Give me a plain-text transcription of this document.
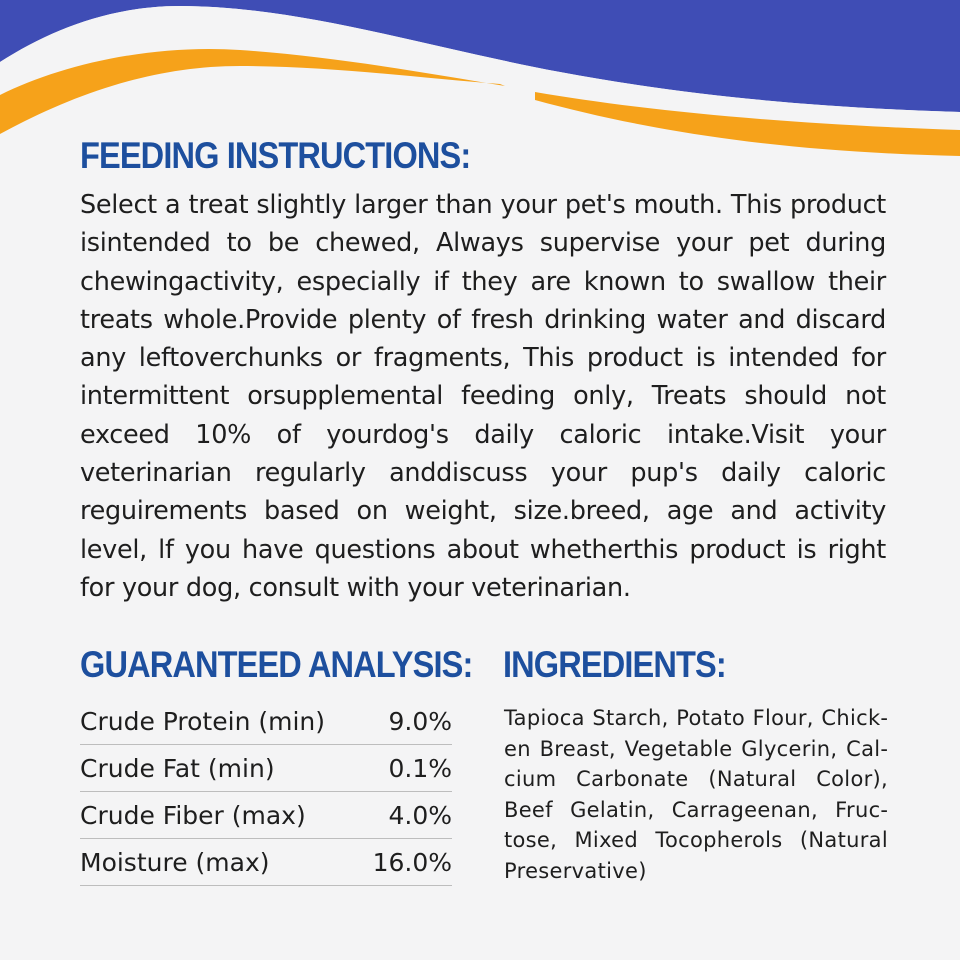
FEEDING INSTRUCTIONS:

Select a treat slightly larger than your pet's mouth. This product isintended to be chewed, Always supervise your pet during chewingactivity, especially if they are known to swallow their treats whole.Provide plenty of fresh drinking water and discard any leftoverchunks or fragments, This product is intended for intermittent orsupplemental feeding only, Treats should not exceed 10% of yourdog's daily caloric intake.Visit your veterinarian regularly anddiscuss your pup's daily caloric reguirements based on weight, size.breed, age and activity level, lf you have questions about whetherthis product is right for your dog, consult with your veterinarian.

GUARANTEED ANALYSIS:
Crude Protein (min)	9.0%
Crude Fat (min)	0.1%
Crude Fiber (max)	4.0%
Moisture (max)	16.0%
INGREDIENTS:

Tapioca Starch, Potato Flour, Chicken Breast, Vegetable Glycerin, Calcium Carbonate (Natural Color), Beef Gelatin, Carrageenan, Fructose, Mixed Tocopherols (Natural Preservative)
